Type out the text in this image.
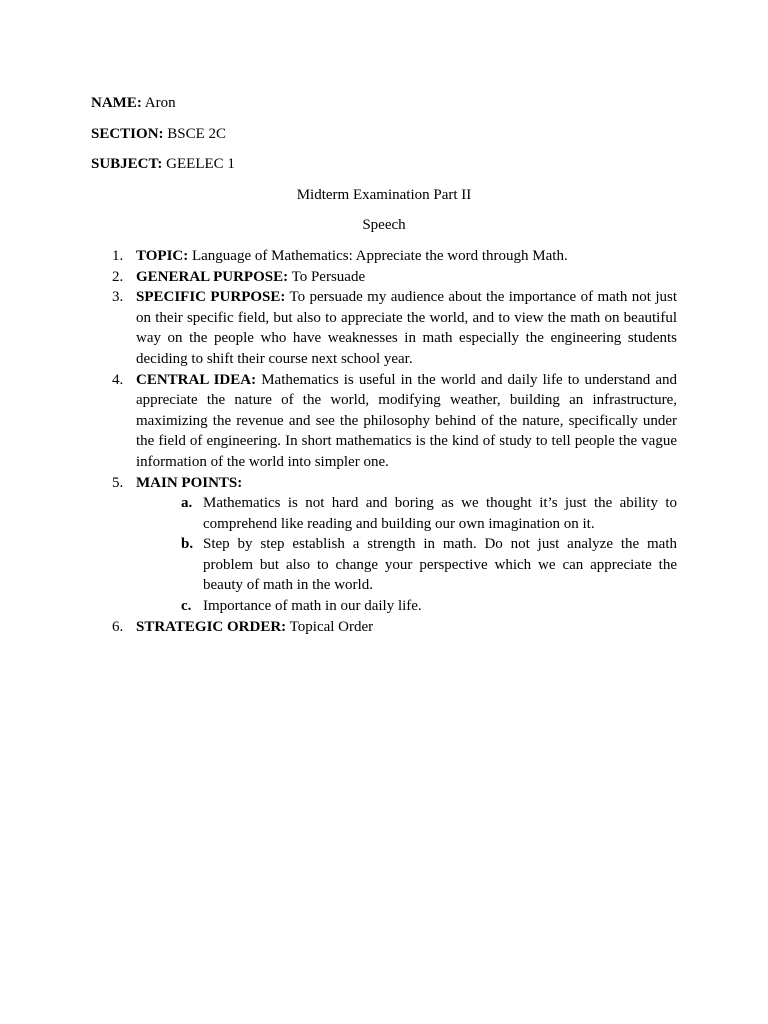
NAME: Aron

SECTION: BSCE 2C

SUBJECT: GEELEC 1

Midterm Examination Part II

Speech

1. TOPIC: Language of Mathematics: Appreciate the word through Math.
2. GENERAL PURPOSE: To Persuade
3. SPECIFIC PURPOSE: To persuade my audience about the importance of math not just on their specific field, but also to appreciate the world, and to view the math on beautiful way on the people who have weaknesses in math especially the engineering students deciding to shift their course next school year.
4. CENTRAL IDEA: Mathematics is useful in the world and daily life to understand and appreciate the nature of the world, modifying weather, building an infrastructure, maximizing the revenue and see the philosophy behind of the nature, specifically under the field of engineering. In short mathematics is the kind of study to tell people the vague information of the world into simpler one.
5. MAIN POINTS:
a. Mathematics is not hard and boring as we thought it’s just the ability to comprehend like reading and building our own imagination on it.
b. Step by step establish a strength in math. Do not just analyze the math problem but also to change your perspective which we can appreciate the beauty of math in the world.
c. Importance of math in our daily life.
6. STRATEGIC ORDER: Topical Order
